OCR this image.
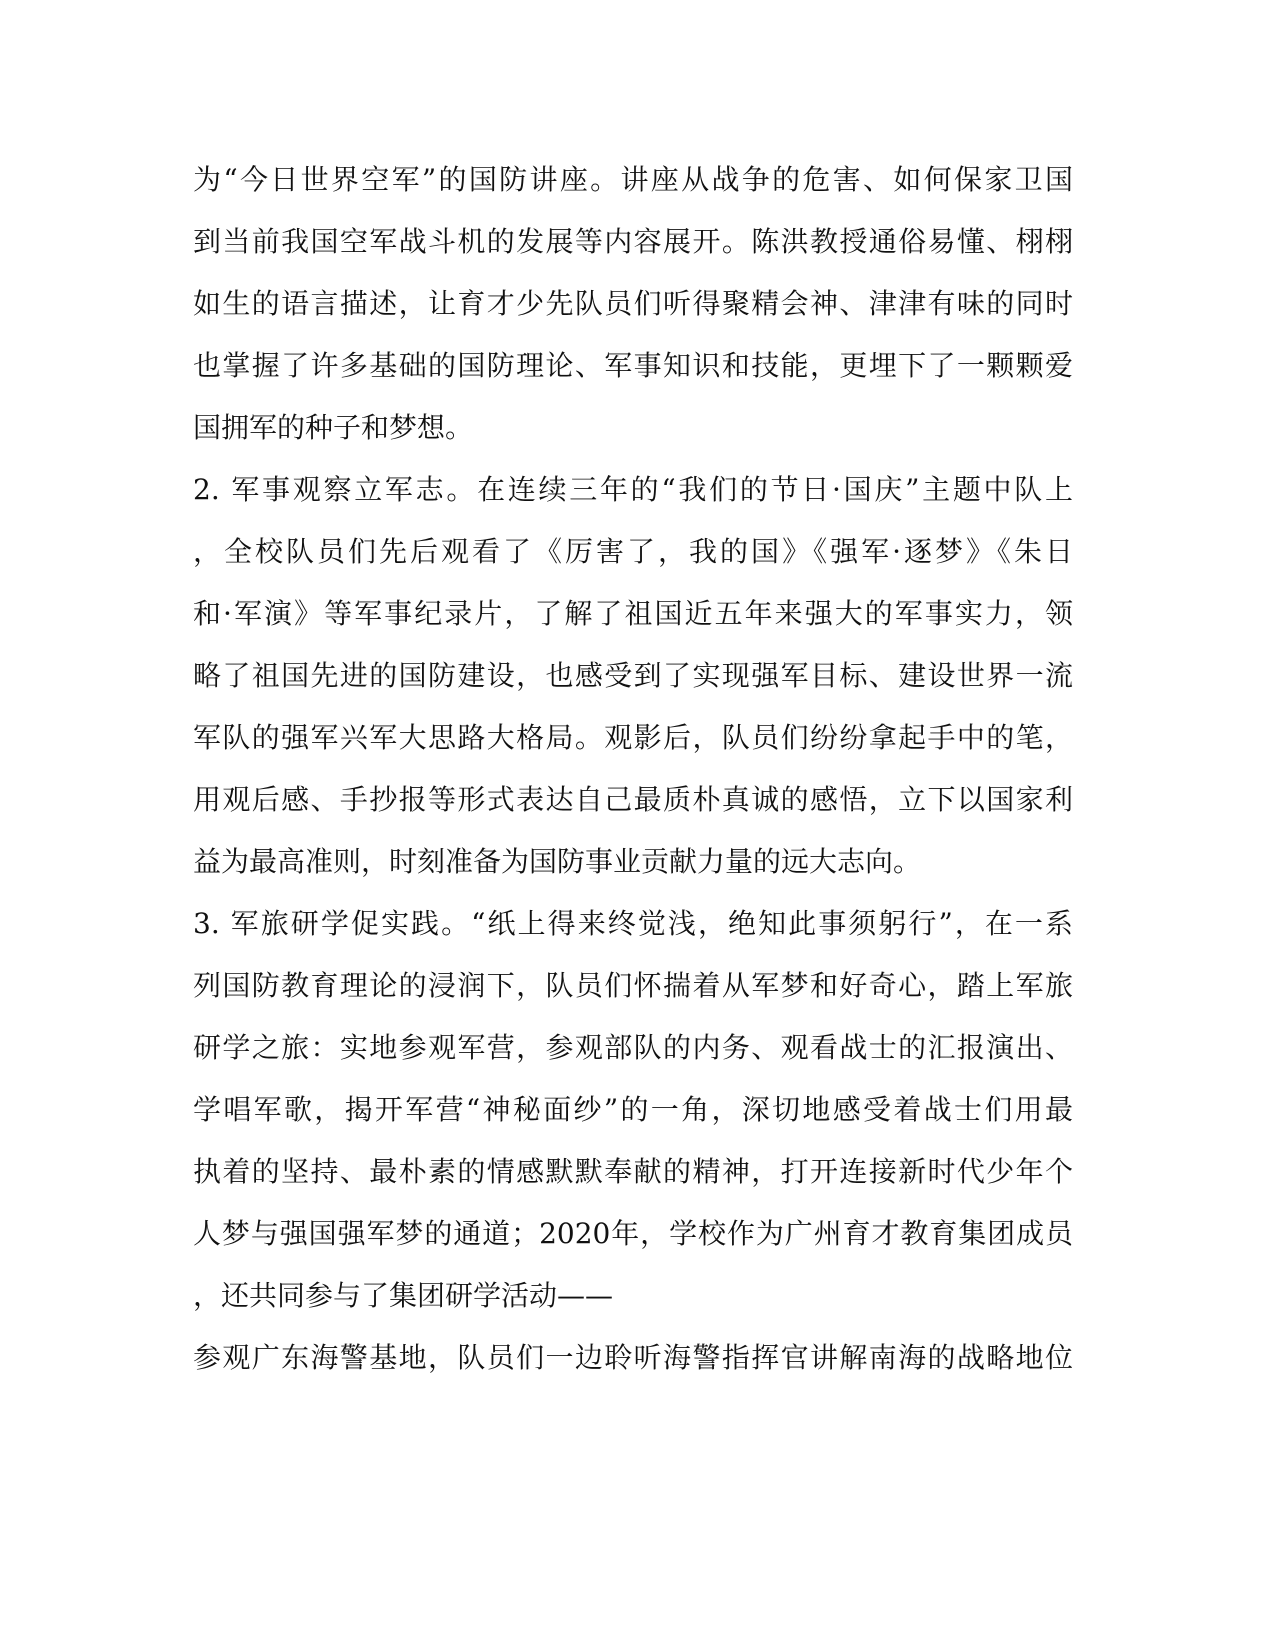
为“今日世界空军”的国防讲座。讲座从战争的危害、如何保家卫国
到当前我国空军战斗机的发展等内容展开。陈洪教授通俗易懂、栩栩
如生的语言描述，让育才少先队员们听得聚精会神、津津有味的同时
也掌握了许多基础的国防理论、军事知识和技能，更埋下了一颗颗爱
国拥军的种子和梦想。
2. 军事观察立军志。在连续三年的“我们的节日·国庆”主题中队上
，全校队员们先后观看了《厉害了，我的国》《强军·逐梦》《朱日
和·军演》等军事纪录片，了解了祖国近五年来强大的军事实力，领
略了祖国先进的国防建设，也感受到了实现强军目标、建设世界一流
军队的强军兴军大思路大格局。观影后，队员们纷纷拿起手中的笔，
用观后感、手抄报等形式表达自己最质朴真诚的感悟，立下以国家利
益为最高准则，时刻准备为国防事业贡献力量的远大志向。
3. 军旅研学促实践。“纸上得来终觉浅，绝知此事须躬行”，在一系
列国防教育理论的浸润下，队员们怀揣着从军梦和好奇心，踏上军旅
研学之旅：实地参观军营，参观部队的内务、观看战士的汇报演出、
学唱军歌，揭开军营“神秘面纱”的一角，深切地感受着战士们用最
执着的坚持、最朴素的情感默默奉献的精神，打开连接新时代少年个
人梦与强国强军梦的通道；2020年，学校作为广州育才教育集团成员
，还共同参与了集团研学活动——
参观广东海警基地，队员们一边聆听海警指挥官讲解南海的战略地位
